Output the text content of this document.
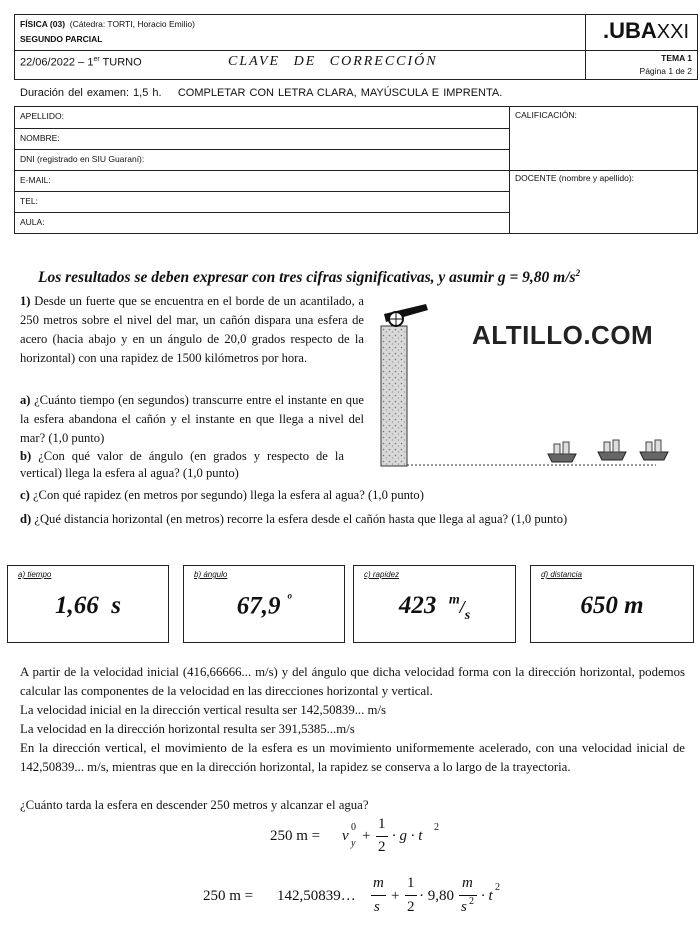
FÍSICA (03) (Cátedra: TORTI, Horacio Emilio)
SEGUNDO PARCIAL
22/06/2022 – 1er TURNO	CLAVE DE CORRECCIÓN
.UBAXXI
TEMA 1
Página 1 de 2
Duración del examen: 1,5 h. COMPLETAR CON LETRA CLARA, MAYÚSCULA E IMPRENTA.
APELLIDO:
NOMBRE:
DNI (registrado en SIU Guaraní):
E-MAIL:
TEL:
AULA:
CALIFICACIÓN:
DOCENTE (nombre y apellido):
Los resultados se deben expresar con tres cifras significativas, y asumir g = 9,80 $m/s^2$
1) Desde un fuerte que se encuentra en el borde de un acantilado, a 250 metros sobre el nivel del mar, un cañón dispara una esfera de acero (hacia abajo y en un ángulo de 20,0 grados respecto de la horizontal) con una rapidez de 1500 kilómetros por hora.
a) ¿Cuánto tiempo (en segundos) transcurre entre el instante en que la esfera abandona el cañón y el instante en que llega a nivel del mar? (1,0 punto)
b) ¿Con qué valor de ángulo (en grados y respecto de la vertical) llega la esfera al agua? (1,0 punto)
c) ¿Con qué rapidez (en metros por segundo) llega la esfera al agua? (1,0 punto)
d) ¿Qué distancia horizontal (en metros) recorre la esfera desde el cañón hasta que llega al agua? (1,0 punto)
ALTILLO.COM
a) tiempo
1,66 s
b) ángulo
67,9 $^º$
c) rapidez
423 $^m/_s$
d) distancia
650 m
A partir de la velocidad inicial (416,66666... m/s) y del ángulo que dicha velocidad forma con la dirección horizontal, podemos calcular las componentes de la velocidad en las direcciones horizontal y vertical.
La velocidad inicial en la dirección vertical resulta ser 142,50839... m/s
La velocidad en la dirección horizontal resulta ser 391,5385...m/s
En la dirección vertical, el movimiento de la esfera es un movimiento uniformemente acelerado, con una velocidad inicial de 142,50839... m/s, mientras que en la dirección horizontal, la rapidez se conserva a lo largo de la trayectoria.
¿Cuánto tarda la esfera en descender 250 metros y alcanzar el agua?
250 m = v
0
y +
1
2
· g · t
2
250 m = 142,50839…
m
s
+
1
2
· 9,80
m
s 2 · t
2
